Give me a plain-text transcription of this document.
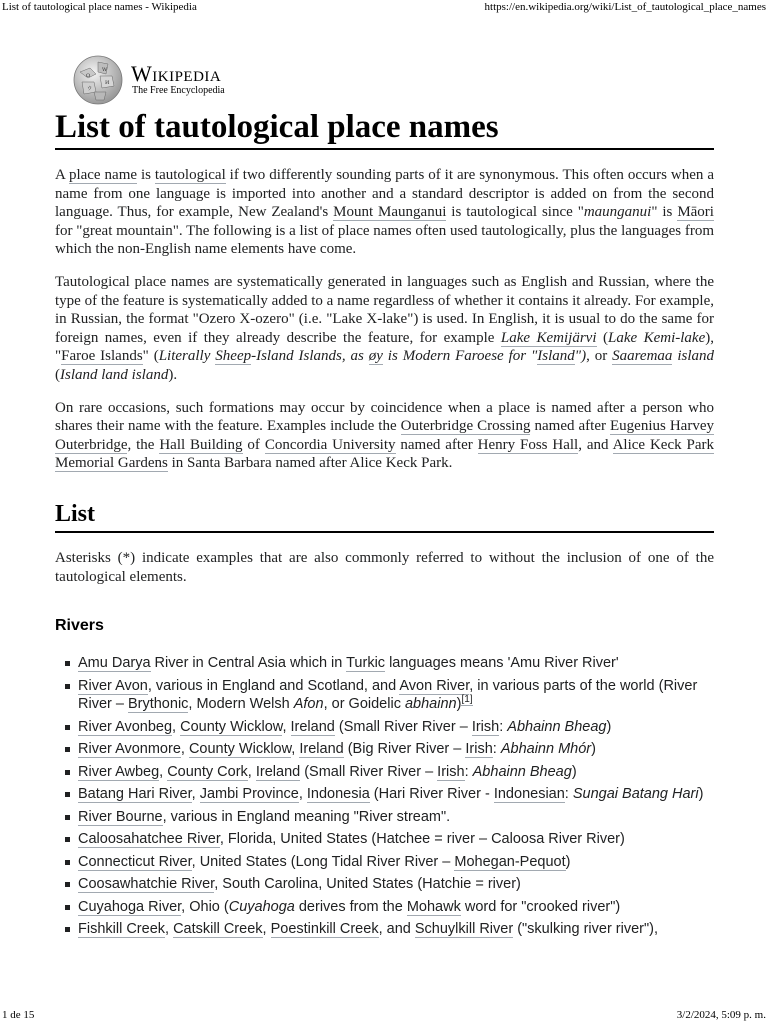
List of tautological place names - Wikipedia	https://en.wikipedia.org/wiki/List_of_tautological_place_names
Ω
W
И
ウ
Wikipedia
The Free Encyclopedia
List of tautological place names

A place name is tautological if two differently sounding parts of it are synonymous. This often occurs when a name from one language is imported into another and a standard descriptor is added on from the second language. Thus, for example, New Zealand's Mount Maunganui is tautological since "maunganui" is Māori for "great mountain". The following is a list of place names often used tautologically, plus the languages from which the non-English name elements have come.

Tautological place names are systematically generated in languages such as English and Russian, where the type of the feature is systematically added to a name regardless of whether it contains it already. For example, in Russian, the format "Ozero X-ozero" (i.e. "Lake X-lake") is used. In English, it is usual to do the same for foreign names, even if they already describe the feature, for example Lake Kemijärvi (Lake Kemi-lake), "Faroe Islands" (Literally Sheep-Island Islands, as øy is Modern Faroese for "Island"), or Saaremaa island (Island land island).

On rare occasions, such formations may occur by coincidence when a place is named after a person who shares their name with the feature. Examples include the Outerbridge Crossing named after Eugenius Harvey Outerbridge, the Hall Building of Concordia University named after Henry Foss Hall, and Alice Keck Park Memorial Gardens in Santa Barbara named after Alice Keck Park.

List

Asterisks (*) indicate examples that are also commonly referred to without the inclusion of one of the tautological elements.

Rivers
Amu Darya River in Central Asia which in Turkic languages means 'Amu River River'
River Avon, various in England and Scotland, and Avon River, in various parts of the world (River River – Brythonic, Modern Welsh Afon, or Goidelic abhainn)[1]
River Avonbeg, County Wicklow, Ireland (Small River River – Irish: Abhainn Bheag)
River Avonmore, County Wicklow, Ireland (Big River River – Irish: Abhainn Mhór)
River Awbeg, County Cork, Ireland (Small River River – Irish: Abhainn Bheag)
Batang Hari River, Jambi Province, Indonesia (Hari River River - Indonesian: Sungai Batang Hari)
River Bourne, various in England meaning "River stream".
Caloosahatchee River, Florida, United States (Hatchee = river – Caloosa River River)
Connecticut River, United States (Long Tidal River River – Mohegan-Pequot)
Coosawhatchie River, South Carolina, United States (Hatchie = river)
Cuyahoga River, Ohio (Cuyahoga derives from the Mohawk word for "crooked river")
Fishkill Creek, Catskill Creek, Poestinkill Creek, and Schuylkill River ("skulking river river"),
1 de 15	3/2/2024, 5:09 p. m.
